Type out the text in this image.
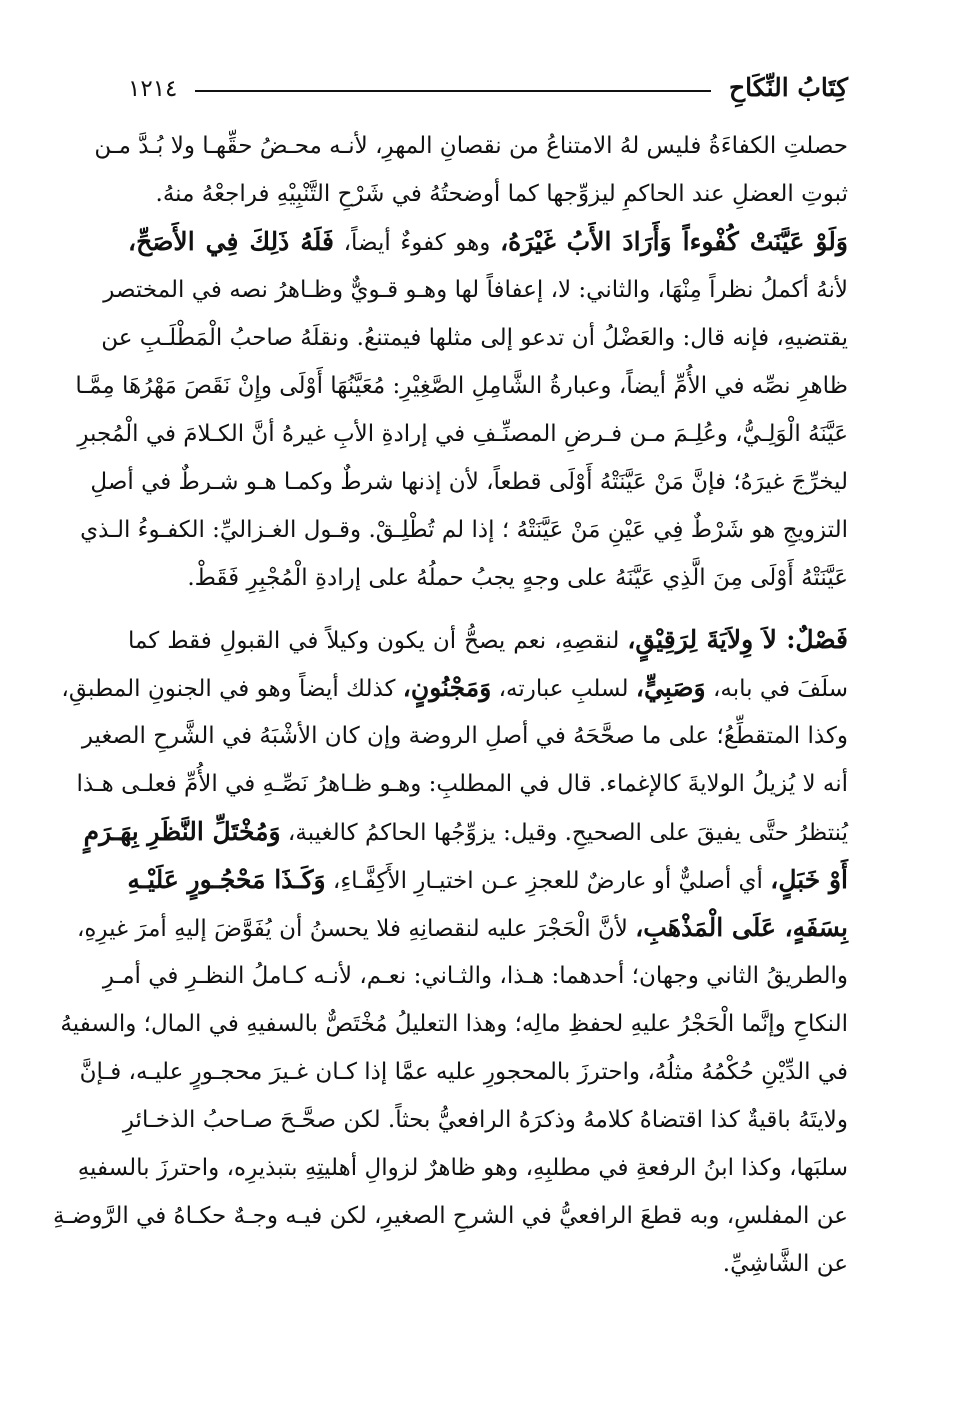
كِتَابُ النِّكَاحِ
١٢١٤
حصلتِ الكفاءَةُ فليس لهُ الامتناعُ من نقصانِ المهرِ، لأنـه محـضُ حقِّهـا ولا بُـدَّ مـن
ثبوتِ العضلِ عند الحاكمِ ليزوِّجها كما أوضحتُهُ في شَرْحِ التَّنْبِيْهِ فراجعْهُ منهُ.
وَلَوْ عَيَّنَتْ كُفْوءاً وَأَرَادَ الأَبُ غَيْرَهُ، وهو كفوءٌ أيضاً، فَلَهُ ذَلِكَ فِي الأَصَحِّ،
لأنهُ أكملُ نظراً مِنْهَا، والثاني: لا، إعفافاً لها وهـو قـويٌّ وظـاهرُ نصه في المختصر
يقتضيهِ، فإنه قال: والعَضْلُ أن تدعو إلى مثلها فيمتنعُ. ونقلَهُ صاحبُ الْمَطْلَـبِ عن
ظاهرِ نصِّه في الأُمِّ أيضاً، وعبارةُ الشَّامِلِ الصَّغِيْرِ: مُعَيَّنُهَا أَوْلَى وإِنْ نَقَصَ مَهْرُهَا مِمَّـا
عَيَّنَهُ الْوَلِـيُّ، وعُلِـمَ مـن فـرضِ المصنِّـفِ في إرادةِ الأبِ غيرهُ أنَّ الكـلامَ في الْمُجبرِ
ليخرِّجَ غيرَهُ؛ فإنَّ مَنْ عَيَّنَتْهُ أَوْلَى قطعاً، لأن إذنها شرطٌ وكمـا هـو شـرطٌ في أصلِ
التزويجِ هو شَرْطٌ فِي عَيْنِ مَنْ عَيَّنَتْهُ ؛ إذا لم تُطْلِـقْ. وقـول الغـزاليِّ: الكفـوءُ الـذي
عَيَّنَتْهُ أَوْلَى مِنَ الَّذِي عَيَّنَهُ على وجهٍ يجبُ حملُهُ على إرادةِ الْمُجْبِرِ فَقَطْ.
فَصْلٌ: لاَ وِلاَيَةَ لِرَقِيْقٍ، لنقصِهِ، نعم يصحُّ أن يكون وكيلاً في القبولِ فقط كما
سلَفَ في بابه، وَصَبِيٍّ، لسلبِ عبارته، وَمَجْنُونٍ، كذلك أيضاً وهو في الجنونِ المطبقِ،
وكذا المتقطِّعُ؛ على ما صحَّحَهُ في أصلِ الروضة وإن كان الأشْبَهُ في الشَّرحِ الصغير
أنه لا يُزيلُ الولايةَ كالإغماء. قال في المطلبِ: وهـو ظـاهرُ نَصِّـهِ في الأُمِّ فعلـى هـذا
يُنتظرُ حتَّى يفيقَ على الصحيحِ. وقيل: يزوِّجُها الحاكمُ كالغيبة، وَمُخْتَلِّ النَّظَرِ بِهَـرَمٍ
أَوْ خَبَلٍ، أي أصليٌّ أو عارضٌ للعجزِ عـن اختيـارِ الأَكِفَّـاءِ، وَكَـذَا مَحْجُـورٍ عَلَيْـهِ
بِسَفَهٍ، عَلَى الْمَذْهَبِ، لأنَّ الْحَجْرَ عليه لنقصانِهِ فلا يحسنُ أن يُفَوَّضَ إليهِ أمرَ غيرِهِ،
والطريقُ الثاني وجهان؛ أحدهما: هـذا، والثـاني: نعـم، لأنـه كـاملُ النظـرِ في أمـرِ
النكاحِ وإنَّما الْحَجْرُ عليهِ لحفظِ مالِه؛ وهذا التعليلُ مُخْتَصٌّ بالسفيهِ في المال؛ والسفيهُ
في الدِّيْنِ حُكْمُهُ مثلُهُ، واحترزَ بالمحجورِ عليه عمَّا إذا كـان غـيرَ محجـورٍ عليـه، فـإنَّ
ولايتَهُ باقيةٌ كذا اقتضاهُ كلامهُ وذكرَهُ الرافعيُّ بحثاً. لكن صحَّـحَ صـاحبُ الذخـائرِ
سلبَها، وكذا ابنُ الرفعةِ في مطلبِهِ، وهو ظاهرٌ لزوالِ أهليتِهِ بتبذيرِه، واحترزَ بالسفيهِ
عن المفلسِ، وبه قطعَ الرافعيُّ في الشرحِ الصغيرِ، لكن فيـه وجـهٌ حكـاهُ في الرَّوضـةِ
عن الشَّاشِيِّ.
